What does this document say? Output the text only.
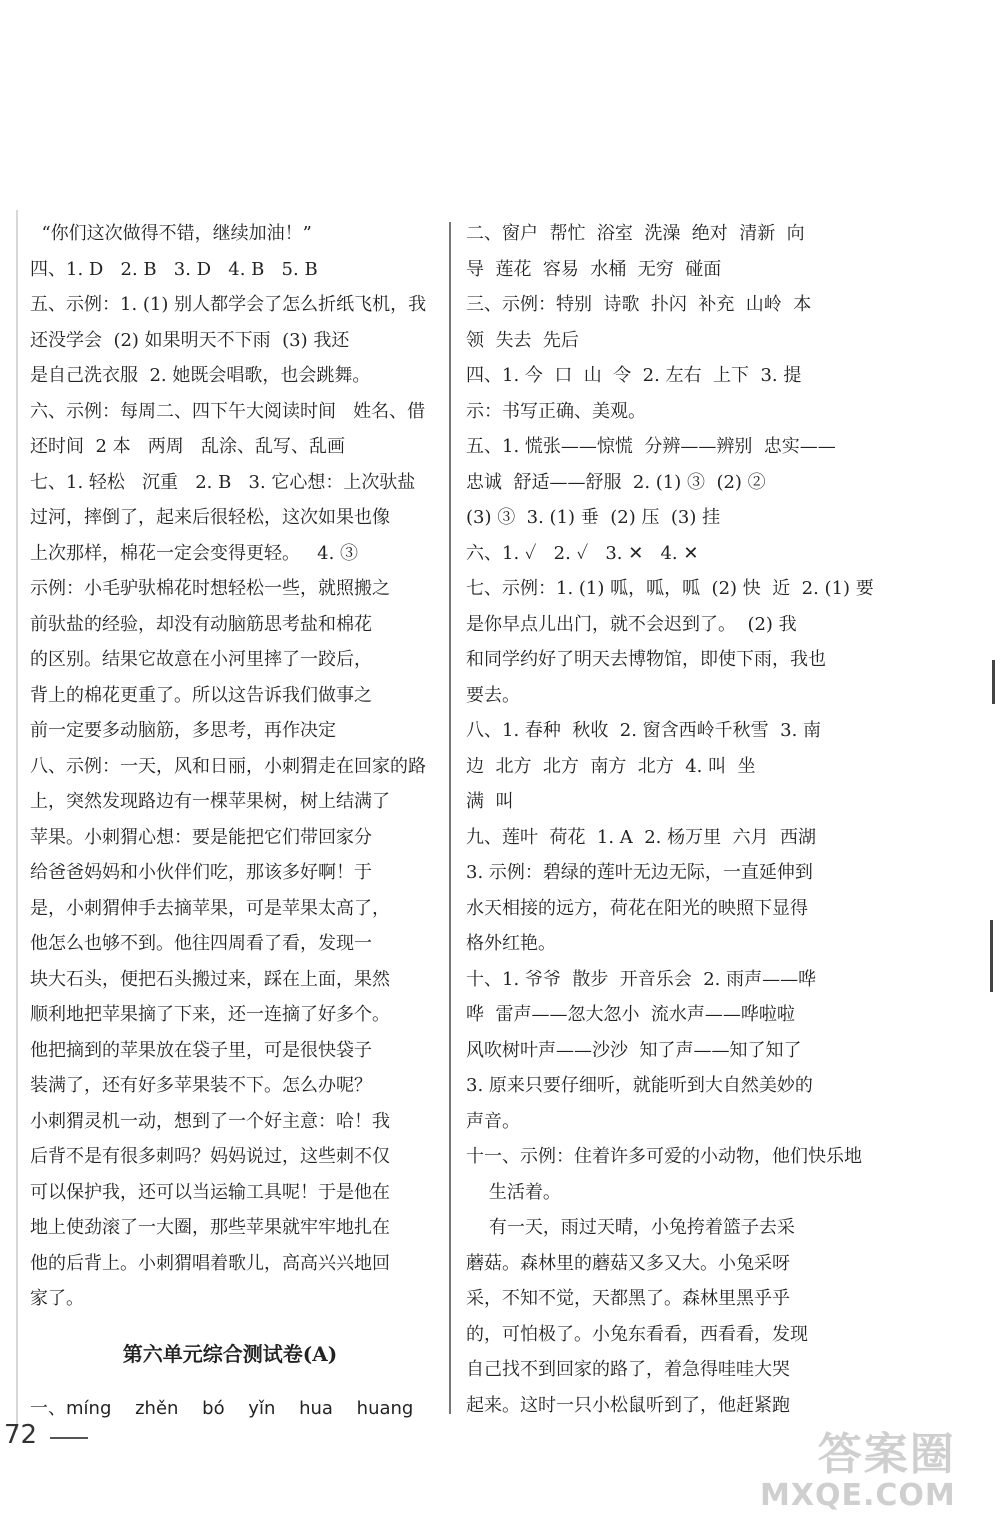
“你们这次做得不错，继续加油！”
四、1. D   2. B   3. D   4. B   5. B
五、示例：1. (1) 别人都学会了怎么折纸飞机，我
还没学会  (2) 如果明天不下雨  (3) 我还
是自己洗衣服  2. 她既会唱歌，也会跳舞。
六、示例：每周二、四下午大阅读时间   姓名、借
还时间  2 本   两周   乱涂、乱写、乱画
七、1. 轻松   沉重   2. B   3. 它心想：上次驮盐
过河，摔倒了，起来后很轻松，这次如果也像
上次那样，棉花一定会变得更轻。   4. ③
示例：小毛驴驮棉花时想轻松一些，就照搬之
前驮盐的经验，却没有动脑筋思考盐和棉花
的区别。结果它故意在小河里摔了一跤后，
背上的棉花更重了。所以这告诉我们做事之
前一定要多动脑筋，多思考，再作决定
八、示例：一天，风和日丽，小刺猬走在回家的路
上，突然发现路边有一棵苹果树，树上结满了
苹果。小刺猬心想：要是能把它们带回家分
给爸爸妈妈和小伙伴们吃，那该多好啊！于
是，小刺猬伸手去摘苹果，可是苹果太高了，
他怎么也够不到。他往四周看了看，发现一
块大石头，便把石头搬过来，踩在上面，果然
顺利地把苹果摘了下来，还一连摘了好多个。
他把摘到的苹果放在袋子里，可是很快袋子
装满了，还有好多苹果装不下。怎么办呢？
小刺猬灵机一动，想到了一个好主意：哈！我
后背不是有很多刺吗？妈妈说过，这些刺不仅
可以保护我，还可以当运输工具呢！于是他在
地上使劲滚了一大圈，那些苹果就牢牢地扎在
他的后背上。小刺猬唱着歌儿，高高兴兴地回
家了。
第六单元综合测试卷(A)
一、míng zhěn bó yǐn hua huang
二、窗户  帮忙  浴室  洗澡  绝对  清新  向
导  莲花  容易  水桶  无穷  碰面
三、示例：特别  诗歌  扑闪  补充  山岭  本
领  失去  先后
四、1. 今  口  山  令  2. 左右  上下  3. 提
示：书写正确、美观。
五、1. 慌张——惊慌  分辨——辨别  忠实——
忠诚  舒适——舒服  2. (1) ③  (2) ②
(3) ③  3. (1) 垂  (2) 压  (3) 挂
六、1. ✓   2. ✓   3. ✕   4. ✕
七、示例：1. (1) 呱，呱，呱  (2) 快  近  2. (1) 要
是你早点儿出门，就不会迟到了。  (2) 我
和同学约好了明天去博物馆，即使下雨，我也
要去。
八、1. 春种  秋收  2. 窗含西岭千秋雪  3. 南
边  北方  北方  南方  北方  4. 叫  坐
满  叫
九、莲叶  荷花  1. A  2. 杨万里  六月  西湖
3. 示例：碧绿的莲叶无边无际，一直延伸到
水天相接的远方，荷花在阳光的映照下显得
格外红艳。
十、1. 爷爷  散步  开音乐会  2. 雨声——哗
哗  雷声——忽大忽小  流水声——哗啦啦
风吹树叶声——沙沙  知了声——知了知了
3. 原来只要仔细听，就能听到大自然美妙的
声音。
十一、示例：住着许多可爱的小动物，他们快乐地
生活着。
有一天，雨过天晴，小兔挎着篮子去采
蘑菇。森林里的蘑菇又多又大。小兔采呀
采，不知不觉，天都黑了。森林里黑乎乎
的，可怕极了。小兔东看看，西看看，发现
自己找不到回家的路了，着急得哇哇大哭
起来。这时一只小松鼠听到了，他赶紧跑
72	答案圈
MXQE.COM
